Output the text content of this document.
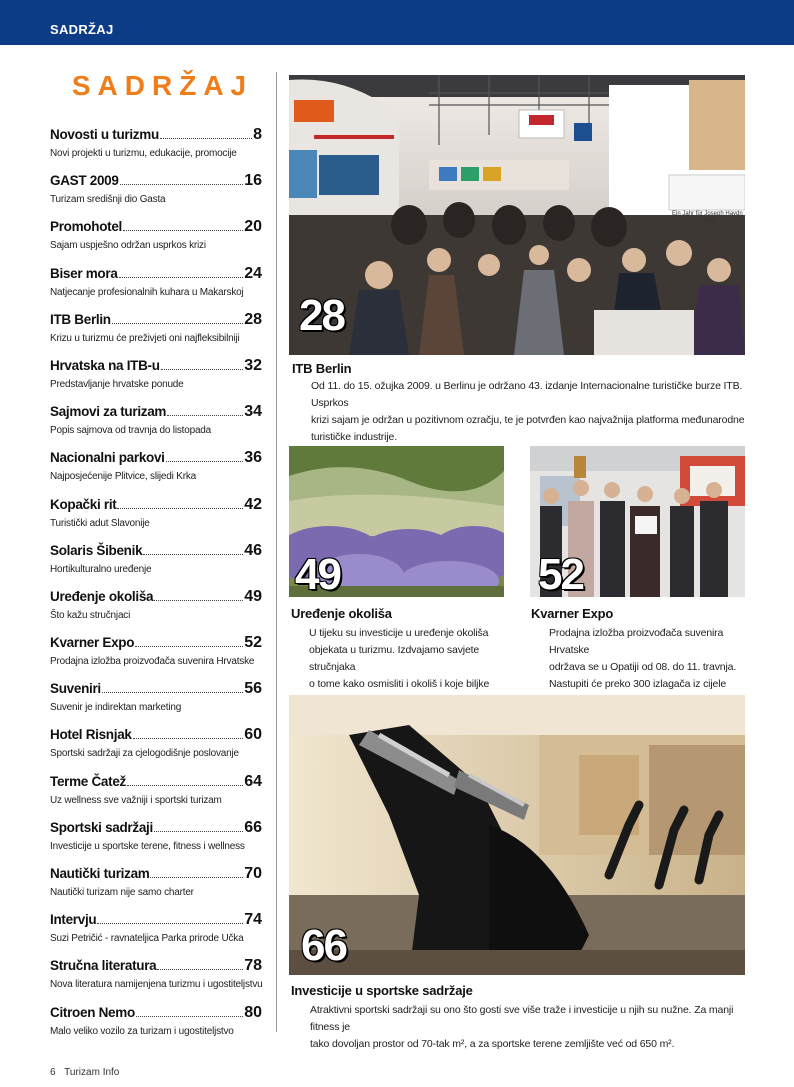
SADRŽAJ
SADRŽAJ
Novosti u turizmu	8
Novi projekti u turizmu, edukacije, promocije
GAST 2009	16
Turizam središnji dio Gasta
Promohotel	20
Sajam uspješno održan usprkos krizi
Biser mora	24
Natjecanje profesionalnih kuhara u Makarskoj
ITB Berlin	28
Krizu u turizmu će preživjeti oni najfleksibilniji
Hrvatska na ITB-u	32
Predstavljanje hrvatske ponude
Sajmovi za turizam	34
Popis sajmova od travnja do listopada
Nacionalni parkovi	36
Najposjećenije Plitvice, slijedi Krka
Kopački rit	42
Turistički adut Slavonije
Solaris Šibenik	46
Hortikulturalno uređenje
Uređenje okoliša	49
Što kažu stručnjaci
Kvarner Expo	52
Prodajna izložba proizvođača suvenira Hrvatske
Suveniri	56
Suvenir je indirektan marketing
Hotel Risnjak	60
Sportski sadržaji za cjelogodišnje poslovanje
Terme Čatež	64
Uz wellness sve važniji i sportski turizam
Sportski sadržaji	66
Investicije u sportske terene, fitness i wellness
Nautički turizam	70
Nautički turizam nije samo charter
Intervju	74
Suzi Petričić - ravnateljica Parka prirode Učka
Stručna literatura	78
Nova literatura namijenjena turizmu i ugostiteljstvu
Citroen Nemo	80
Malo veliko vozilo za turizam i ugostiteljstvo
Ein Jahr für Joseph Haydn
(1732 – 1809)
28
ITB Berlin
Od 11. do 15. ožujka 2009. u Berlinu je održano 43. izdanje Internacionalne turističke burze ITB. Usprkos
krizi sajam je održan u pozitivnom ozračju, te je potvrđen kao najvažnija platforma međunarodne
turističke industrije.
49
Uređenje okoliša
U tijeku su investicije u uređenje okoliša
objekata u turizmu. Izdvajamo savjete stručnjaka
o tome kako osmisliti i okoliš i koje biljke
52
Kvarner Expo
Prodajna izložba proizvođača suvenira Hrvatske
održava se u Opatiji od 08. do 11. travnja.
Nastupiti će preko 300 izlagača iz cijele
66
Investicije u sportske sadržaje
Atraktivni sportski sadržaji su ono što gosti sve više traže i investicije u njih su nužne. Za manji fitness je
tako dovoljan prostor od 70-tak m², a za sportske terene zemljište već od 650 m².
6 Turizam Info
